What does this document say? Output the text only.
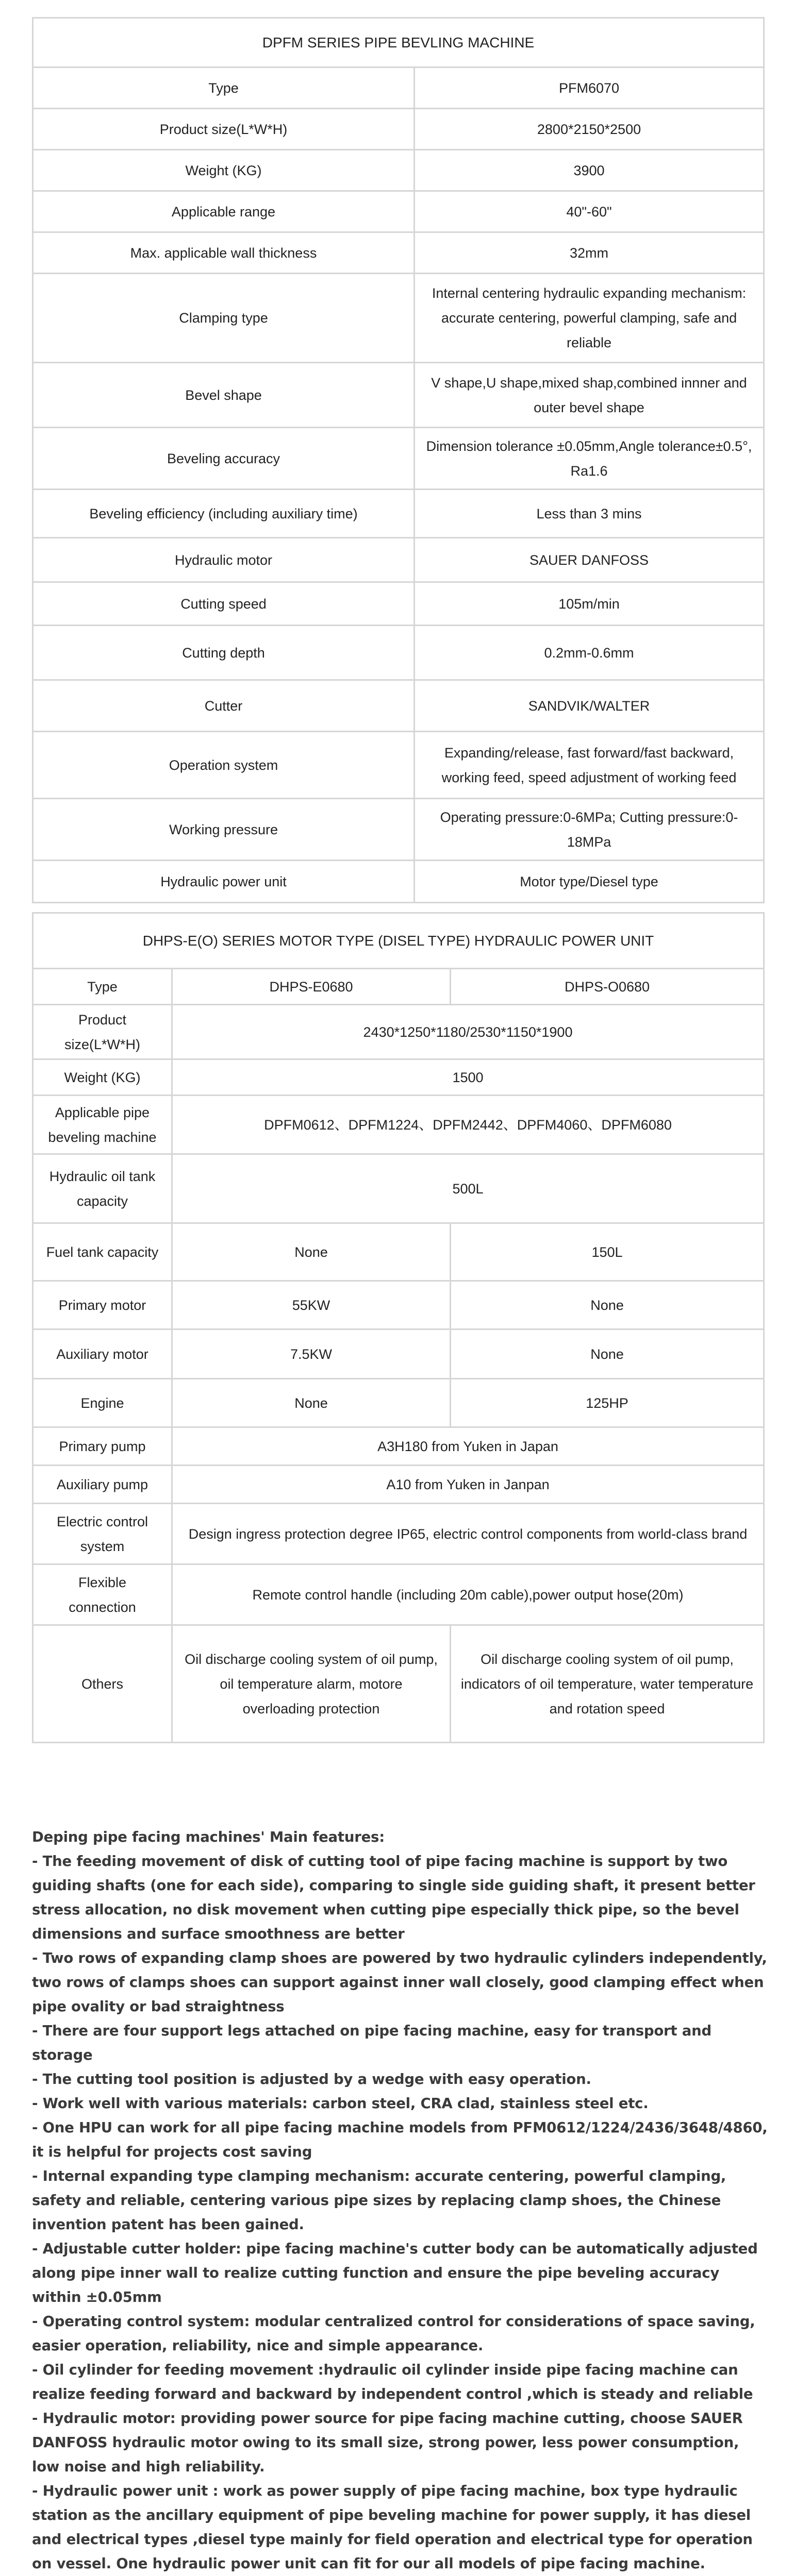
DPFM SERIES PIPE BEVLING MACHINE	
Type	PFM6070
Product size(L*W*H)	2800*2150*2500
Weight (KG)	3900
Applicable range	40"-60"
Max. applicable wall thickness	32mm
Clamping type	Internal centering hydraulic expanding mechanism: accurate centering, powerful clamping, safe and reliable
Bevel shape	V shape,U shape,mixed shap,combined innner and outer bevel shape
Beveling accuracy	Dimension tolerance ±0.05mm,Angle tolerance±0.5°, Ra1.6
Beveling efficiency (including auxiliary time)	Less than 3 mins
Hydraulic motor	SAUER DANFOSS
Cutting speed	105m/min
Cutting depth	0.2mm-0.6mm
Cutter	SANDVIK/WALTER
Operation system	Expanding/release, fast forward/fast backward, working feed, speed adjustment of working feed
Working pressure	Operating pressure:0-6MPa; Cutting pressure:0-18MPa
Hydraulic power unit	Motor type/Diesel type
DHPS-E(O) SERIES MOTOR TYPE (DISEL TYPE) HYDRAULIC POWER UNIT		
Type	DHPS-E0680	DHPS-O0680
Product size(L*W*H)	2430*1250*1180/2530*1150*1900	
Weight (KG)	1500	
Applicable pipe beveling machine	DPFM0612、DPFM1224、DPFM2442、DPFM4060、DPFM6080	
Hydraulic oil tank capacity	500L	
Fuel tank capacity	None	150L
Primary motor	55KW	None
Auxiliary motor	7.5KW	None
Engine	None	125HP
Primary pump	A3H180 from Yuken in Japan	
Auxiliary pump	A10 from Yuken in Janpan	
Electric control system	Design ingress protection degree IP65, electric control components from world-class brand	
Flexible connection	Remote control handle (including 20m cable),power output hose(20m)	
Others	Oil discharge cooling system of oil pump, oil temperature alarm, motore overloading protection	Oil discharge cooling system of oil pump, indicators of oil temperature, water temperature and rotation speed

Deping pipe facing machines' Main features:

- The feeding movement of disk of cutting tool of pipe facing machine is support by two guiding shafts (one for each side), comparing to single side guiding shaft, it present better stress allocation, no disk movement when cutting pipe especially thick pipe, so the bevel dimensions and surface smoothness are better

- Two rows of expanding clamp shoes are powered by two hydraulic cylinders independently, two rows of clamps shoes can support against inner wall closely, good clamping effect when pipe ovality or bad straightness

- There are four support legs attached on pipe facing machine, easy for transport and storage

- The cutting tool position is adjusted by a wedge with easy operation.

- Work well with various materials: carbon steel, CRA clad, stainless steel etc.

- One HPU can work for all pipe facing machine models from PFM0612/1224/2436/3648/4860, it is helpful for projects cost saving

- Internal expanding type clamping mechanism: accurate centering, powerful clamping, safety and reliable, centering various pipe sizes by replacing clamp shoes, the Chinese invention patent has been gained.

- Adjustable cutter holder: pipe facing machine's cutter body can be automatically adjusted along pipe inner wall to realize cutting function and ensure the pipe beveling accuracy within ±0.05mm

- Operating control system: modular centralized control for considerations of space saving, easier operation, reliability, nice and simple appearance.

- Oil cylinder for feeding movement :hydraulic oil cylinder inside pipe facing machine can realize feeding forward and backward by independent control ,which is steady and reliable

- Hydraulic motor: providing power source for pipe facing machine cutting, choose SAUER DANFOSS hydraulic motor owing to its small size, strong power, less power consumption, low noise and high reliability.

- Hydraulic power unit : work as power supply of pipe facing machine, box type hydraulic station as the ancillary equipment of pipe beveling machine for power supply, it has diesel and electrical types ,diesel type mainly for field operation and electrical type for operation on vessel. One hydraulic power unit can fit for our all models of pipe facing machine.
